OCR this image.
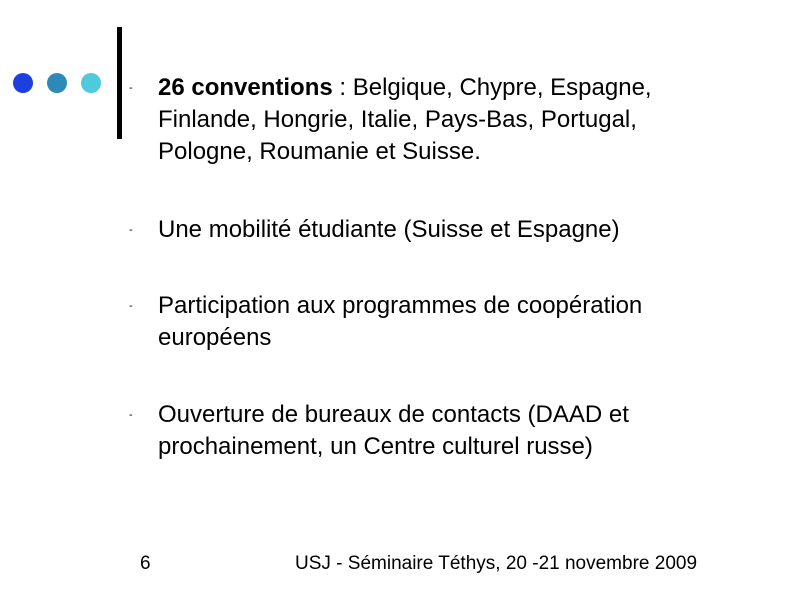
- 26 conventions : Belgique, Chypre, Espagne, Finlande, Hongrie, Italie, Pays-Bas, Portugal, Pologne, Roumanie et Suisse.
- Une mobilité étudiante (Suisse et Espagne)
- Participation aux programmes de coopération européens
- Ouverture de bureaux de contacts (DAAD et prochainement, un Centre culturel russe)
6	USJ - Séminaire Téthys, 20 -21 novembre 2009
